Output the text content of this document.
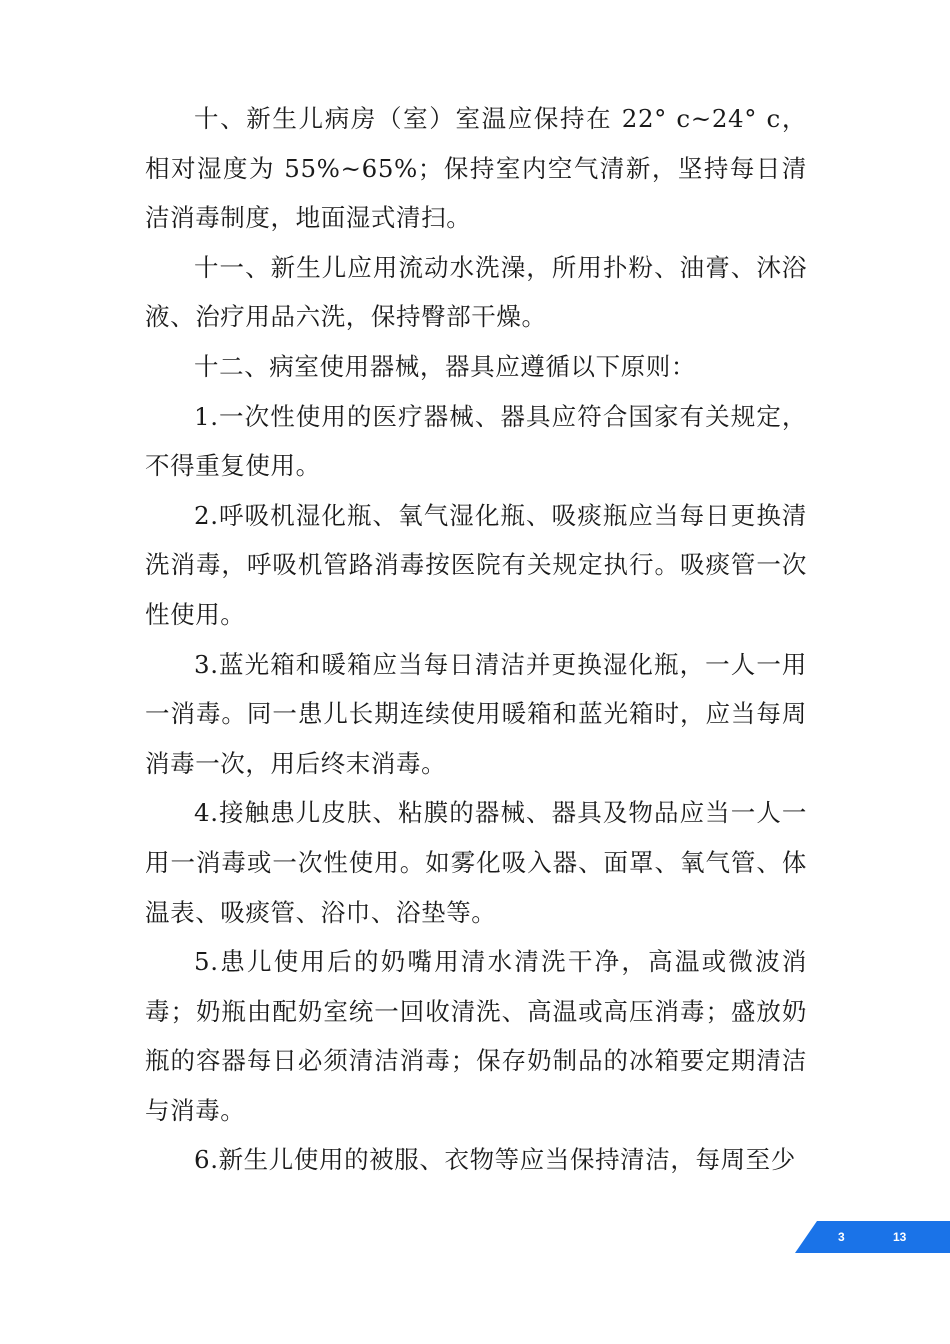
十、新生儿病房（室）室温应保持在 22° c~24° c，相对湿度为 55%~65%；保持室内空气清新，坚持每日清洁消毒制度，地面湿式清扫。

十一、新生儿应用流动水洗澡，所用扑粉、油膏、沐浴液、治疗用品六洗，保持臀部干燥。

十二、病室使用器械，器具应遵循以下原则：

1.一次性使用的医疗器械、器具应符合国家有关规定，不得重复使用。

2.呼吸机湿化瓶、氧气湿化瓶、吸痰瓶应当每日更换清洗消毒，呼吸机管路消毒按医院有关规定执行。吸痰管一次性使用。

3.蓝光箱和暖箱应当每日清洁并更换湿化瓶，一人一用一消毒。同一患儿长期连续使用暖箱和蓝光箱时，应当每周消毒一次，用后终末消毒。

4.接触患儿皮肤、粘膜的器械、器具及物品应当一人一用一消毒或一次性使用。如雾化吸入器、面罩、氧气管、体温表、吸痰管、浴巾、浴垫等。

5.患儿使用后的奶嘴用清水清洗干净，高温或微波消毒；奶瓶由配奶室统一回收清洗、高温或高压消毒；盛放奶瓶的容器每日必须清洁消毒；保存奶制品的冰箱要定期清洁与消毒。

6.新生儿使用的被服、衣物等应当保持清洁，每周至少

3	13
